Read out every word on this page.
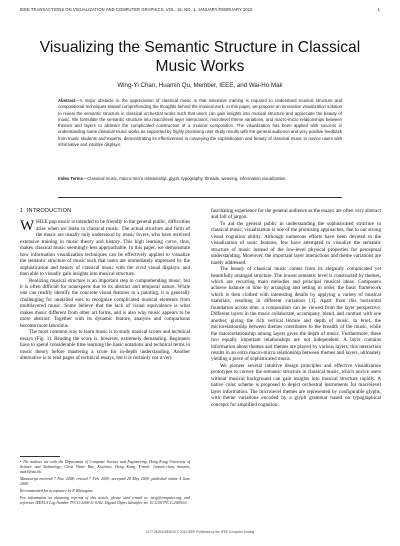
IEEE TRANSACTIONS ON VISUALIZATION AND COMPUTER GRAPHICS, VOL. 16, NO. 1, JANUARY/FEBRUARY 2010	1
Visualizing the Semantic Structure in Classical Music Works
Wing-Yi Chan, Huamin Qu, Member, IEEE, and Wai-Ho Mak
Abstract—A major obstacle in the appreciation of classical music is that extensive training is required to understand musical structure and compositional techniques toward comprehending the thoughts behind the musical work. In this paper, we propose an innovative visualization solution to reveal the semantic structure in classical orchestral works such that users can gain insights into musical structure and appreciate the beauty of music. We formulate the semantic structure into macrolevel layer interactions, microlevel theme variations, and macro-micro relationships between themes and layers to abstract the complicated construction of a musical composition. The visualization has been applied with success in understanding some classical music works as supported by highly promising user study results with the general audience and very positive feedback from music students and experts, demonstrating its effectiveness in conveying the sophistication and beauty of classical music to novice users with informative and intuitive displays.
Index Terms—Classical music, macro-micro relationship, glyph, typography, threads, weaving, information visualization.
1 INTRODUCTION

WHILE pop music is intended to be friendly to the general public, difficulties arise when we listen to classical music. The actual structure and form of the music are usually only understood by music lovers, who have received extensive training in music theory and history. This high learning curve, thus, makes classical music seemingly less approachable. In this paper, we demonstrate how information visualization techniques can be effectively applied to visualize the semantic structure of music such that users are immediately impressed by the sophistication and beauty of classical music with the vivid visual displays, and then able to visually gain insights into musical structure.

Realizing musical structure is an important step in comprehending music, but it is often difficult for nonexperts due to its abstract and temporal nature. While one can readily identify the concrete visual features in a painting, it is generally challenging for unskilled ears to recognize complicated musical elements from multilayered music. Some believe that the lack of visual equivalence is what makes music different from other art forms, and is also why music appears to be more abstract. Together with its dynamic feature, analysis and comparisons become more laborious.

The most common way to learn music is to study musical scores and technical essays (Fig. 1). Reading the score is, however, extremely demanding. Beginners have to spend considerable time learning the basic notations and technical terms in music theory before mastering a score for in-depth understanding. Another alternative is to read pages of technical essays, but it is certainly not a very

fascinating experience for the general audience as the essays are often very abstract and full of jargon.

To aid the general public in understanding the sophisticated structure in classical music, visualization is one of the promising approaches, due to our strong visual cognition ability. Although numerous efforts have been devoted to the visualization of sonic features, few have attempted to visualize the semantic structure of music instead of the low-level physical properties for perceptual understanding. Moreover, the important layer interactions and theme variations are barely addressed.

The beauty of classical music comes from its elegantly complicated yet beautifully arranged structure. The lowest semantic level is constructed by themes, which are recurring main melodies and principal musical ideas. Composers achieve balance in time by arranging and setting in order, the basic framework which is then clothed with interesting details by applying a variety of musical materials, resulting in different variations [1]. Apart from this horizontal foundation across time, a composition can be viewed from the layer perspective. Different layers in the music collaborate, accompany, blend, and contrast with one another, giving the rich vertical texture and depth of music. In brief, the microrelationship between themes contributes to the breadth of the music, while the macrorelationship among layers gives the depth of music. Furthermore, these two equally important relationships are not independent. A layer contains information about themes and themes are played by various layers; this interaction results in an extra macro-micro relationship between themes and layers, ultimately yielding a piece of sophisticated music.

We pioneer several intuitive design principles and effective visualization prototypes to convey the semantic structure in classical music, which novice users without musical background can gain insights into musical structure rapidly. A native color scheme is proposed to depict orchestral instruments for macrolevel layer information. The microlevel themes are represented by configurable glyphs, with theme variations encoded by a glyph grammar based on typographical concepts for amplified cognition.

• The authors are with the Department of Computer Science and Engineering, Hong Kong University of Science and Technology, Clear Water Bay, Kowloon, Hong Kong. E-mail: {winnie.chan, huamin, mak}@ust.hk.
Manuscript received 7 Nov. 2008; revised 7 Feb. 2009; accepted 28 May 2009; published online 4 June 2009.
Recommended for acceptance by P. Rheingans.
For information on obtaining reprints of this article, please send e-mail to: tvcg@computer.org, and reference IEEECS Log Number TVCG-2008-11-0182. Digital Object Identifier no. 10.1109/TVCG.2009.63.
1077-2626/10/$26.00 © 2010 IEEE Published by the IEEE Computer Society
